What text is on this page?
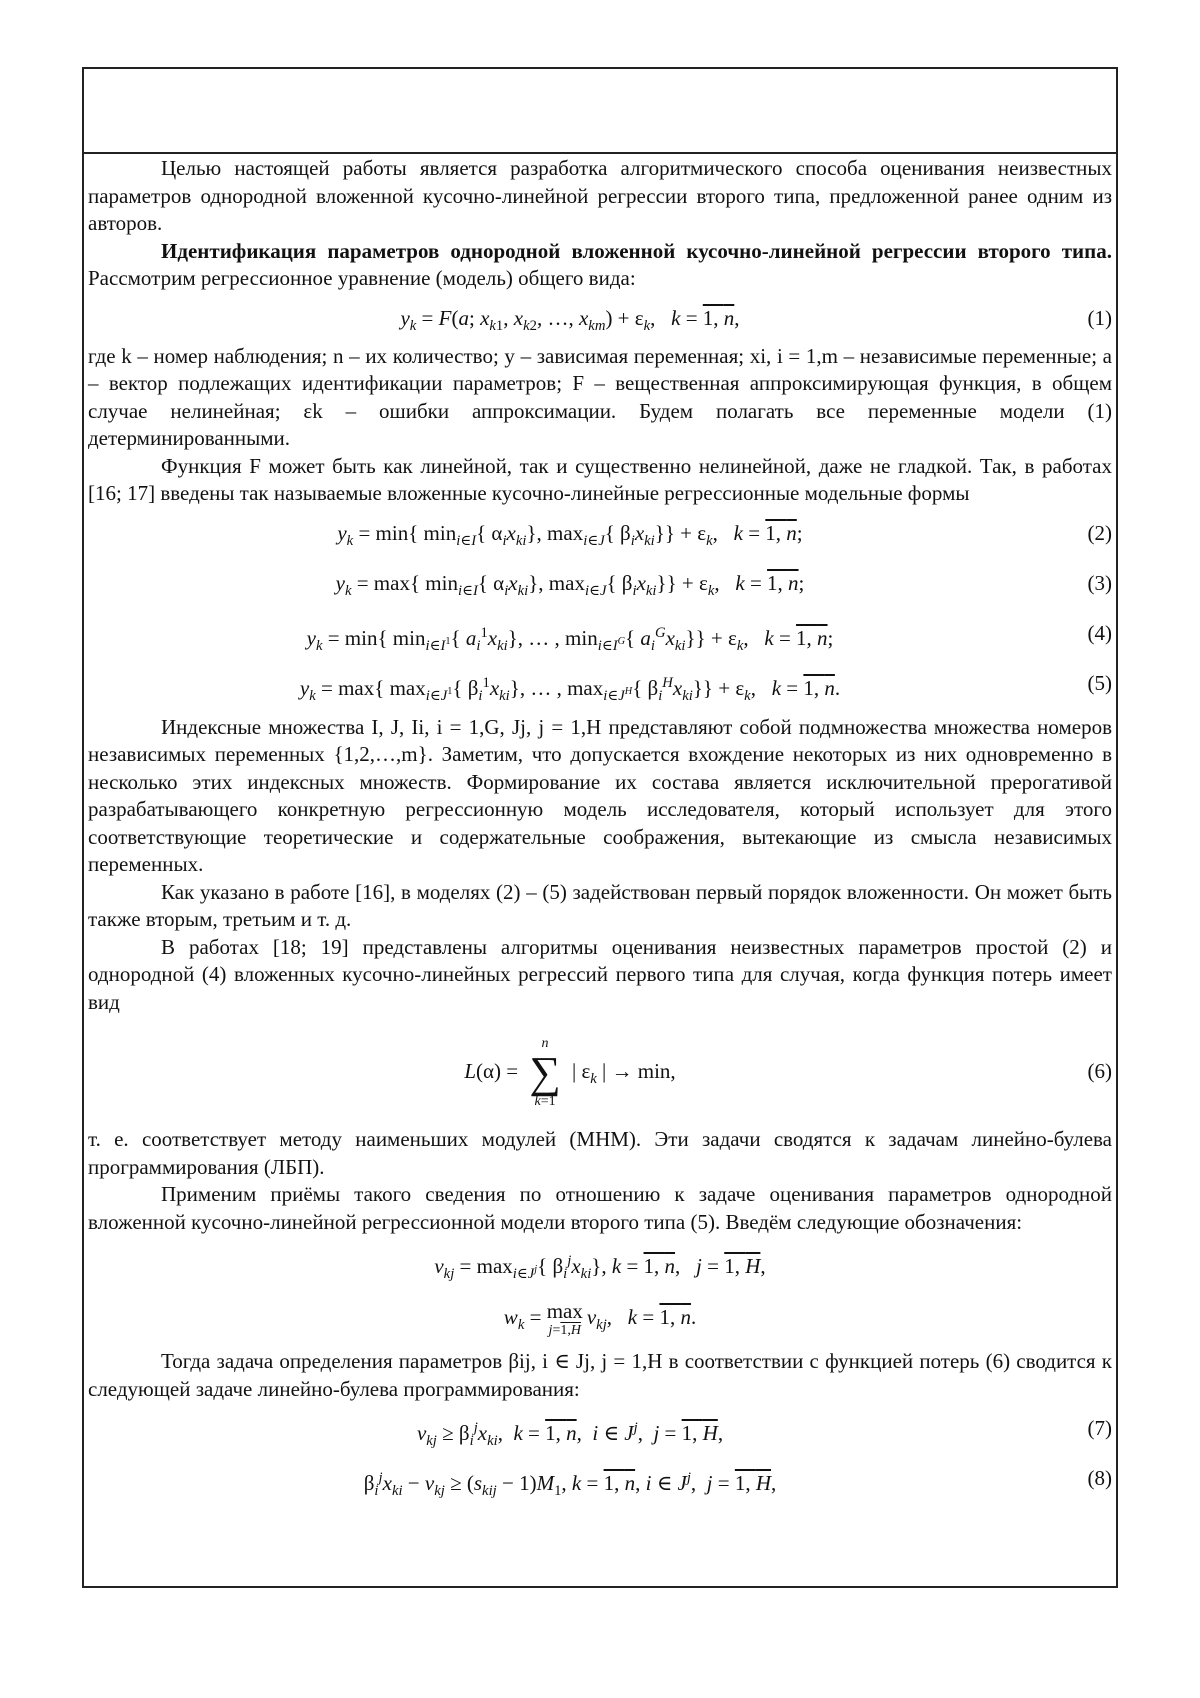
Целью настоящей работы является разработка алгоритмического способа оценивания неизвестных параметров однородной вложенной кусочно-линейной регрессии второго типа, предложенной ранее одним из авторов.

Идентификация параметров однородной вложенной кусочно-линейной регрессии второго типа. Рассмотрим регрессионное уравнение (модель) общего вида:

$y_k = F(a$; $x_{k1}$, $x_{k2}$, …, $x_{km}) + \varepsilon_k$,   k = 1, n,	(1)

где k – номер наблюдения; n – их количество; y – зависимая переменная; xi, i = 1,m – независимые переменные; a – вектор подлежащих идентификации параметров; F – вещественная аппроксимирующая функция, в общем случае нелинейная; εk – ошибки аппроксимации. Будем полагать все переменные модели (1) детерминированными.

Функция F может быть как линейной, так и существенно нелинейной, даже не гладкой. Так, в работах [16; 17] введены так называемые вложенные кусочно-линейные регрессионные модельные формы

$y_k = \min${ $\min_{i\in I}${ $\alpha_ix_{ki}$}, $\max_{i\in J}${ $\beta_ix_{ki}\}\} + \varepsilon_k$,   k = 1, n;	(2)
$y_k = \max${ $\min_{i\in I}${ $\alpha_ix_{ki}$}, $\max_{i\in J}${ $\beta_ix_{ki}\}\} + \varepsilon_k$,   k = 1, n;	(3)
$y_k = \min${ $\min_{i\in I^1}${ $a_i^1x_{ki}$}, … , $\min_{i\in I^G}${ $a_i^Gx_{ki}\}\} + \varepsilon_k$,   k = 1, n;	(4)
$y_k = \max${ $\max_{i\in J^1}${ $\beta_i^1x_{ki}$}, … , $\max_{i\in J^H}${ $\beta_i^Hx_{ki}\}\} + \varepsilon_k$,   k = 1, n.	(5)

Индексные множества I, J, Ii, i = 1,G, Jj, j = 1,H представляют собой подмножества множества номеров независимых переменных {1,2,…,m}. Заметим, что допускается вхождение некоторых из них одновременно в несколько этих индексных множеств. Формирование их состава является исключительной прерогативой разрабатывающего конкретную регрессионную модель исследователя, который использует для этого соответствующие теоретические и содержательные соображения, вытекающие из смысла независимых переменных.

Как указано в работе [16], в моделях (2) – (5) задействован первый порядок вложенности. Он может быть также вторым, третьим и т. д.

В работах [18; 19] представлены алгоритмы оценивания неизвестных параметров простой (2) и однородной (4) вложенных кусочно-линейных регрессий первого типа для случая, когда функция потерь имеет вид

L(α) =
n
∑
k=1
| $\varepsilon_k$ | → min,	(6)

т. е. соответствует методу наименьших модулей (МНМ). Эти задачи сводятся к задачам линейно-булева программирования (ЛБП).

Применим приёмы такого сведения по отношению к задаче оценивания параметров однородной вложенной кусочно-линейной регрессионной модели второго типа (5). Введём следующие обозначения:

$v_{kj} = \max_{i\in J^j}${ $\beta_i^jx_{ki}$}, k = 1, n,   j = 1, H,
$w_k = \max$
j=1,H
$v_{kj}$,   k = 1, n.

Тогда задача определения параметров βij, i ∈ Jj, j = 1,H в соответствии с функцией потерь (6) сводится к следующей задаче линейно-булева программирования:

$v_{kj} \ge \beta_i^jx_{ki}$,  k = 1, n,  i ∈ $J^j$,  j = 1, H,	(7)
$\beta_i^jx_{ki} - v_{kj} \ge (s_{kij} - 1)M_1$, k = 1, n, i ∈ $J^j$,  j = 1, H,	(8)
